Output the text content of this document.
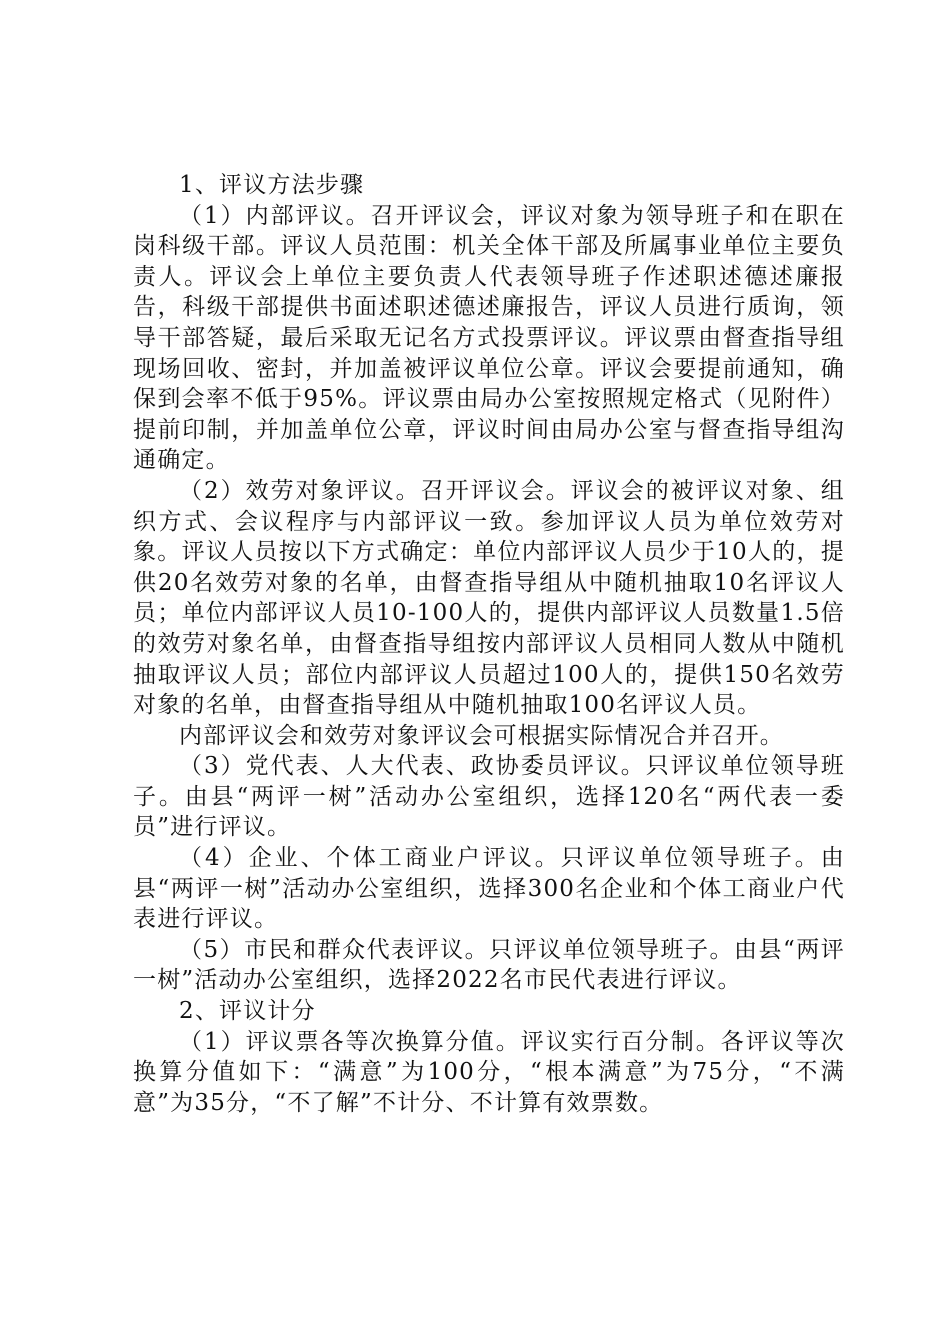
1、评议方法步骤

（1）内部评议。召开评议会，评议对象为领导班子和在职在岗科级干部。评议人员范围：机关全体干部及所属事业单位主要负责人。评议会上单位主要负责人代表领导班子作述职述德述廉报告，科级干部提供书面述职述德述廉报告，评议人员进行质询，领导干部答疑，最后采取无记名方式投票评议。评议票由督查指导组现场回收、密封，并加盖被评议单位公章。评议会要提前通知，确保到会率不低于95%。评议票由局办公室按照规定格式（见附件）提前印制，并加盖单位公章，评议时间由局办公室与督查指导组沟通确定。

（2）效劳对象评议。召开评议会。评议会的被评议对象、组织方式、会议程序与内部评议一致。参加评议人员为单位效劳对象。评议人员按以下方式确定：单位内部评议人员少于10人的，提供20名效劳对象的名单，由督查指导组从中随机抽取10名评议人员；单位内部评议人员10-100人的，提供内部评议人员数量1.5倍的效劳对象名单，由督查指导组按内部评议人员相同人数从中随机抽取评议人员；部位内部评议人员超过100人的，提供150名效劳对象的名单，由督查指导组从中随机抽取100名评议人员。

内部评议会和效劳对象评议会可根据实际情况合并召开。

（3）党代表、人大代表、政协委员评议。只评议单位领导班子。由县“两评一树”活动办公室组织，选择120名“两代表一委员”进行评议。

（4）企业、个体工商业户评议。只评议单位领导班子。由县“两评一树”活动办公室组织，选择300名企业和个体工商业户代表进行评议。

（5）市民和群众代表评议。只评议单位领导班子。由县“两评一树”活动办公室组织，选择2022名市民代表进行评议。

2、评议计分

（1）评议票各等次换算分值。评议实行百分制。各评议等次换算分值如下：“满意”为100分，“根本满意”为75分，“不满意”为35分，“不了解”不计分、不计算有效票数。
